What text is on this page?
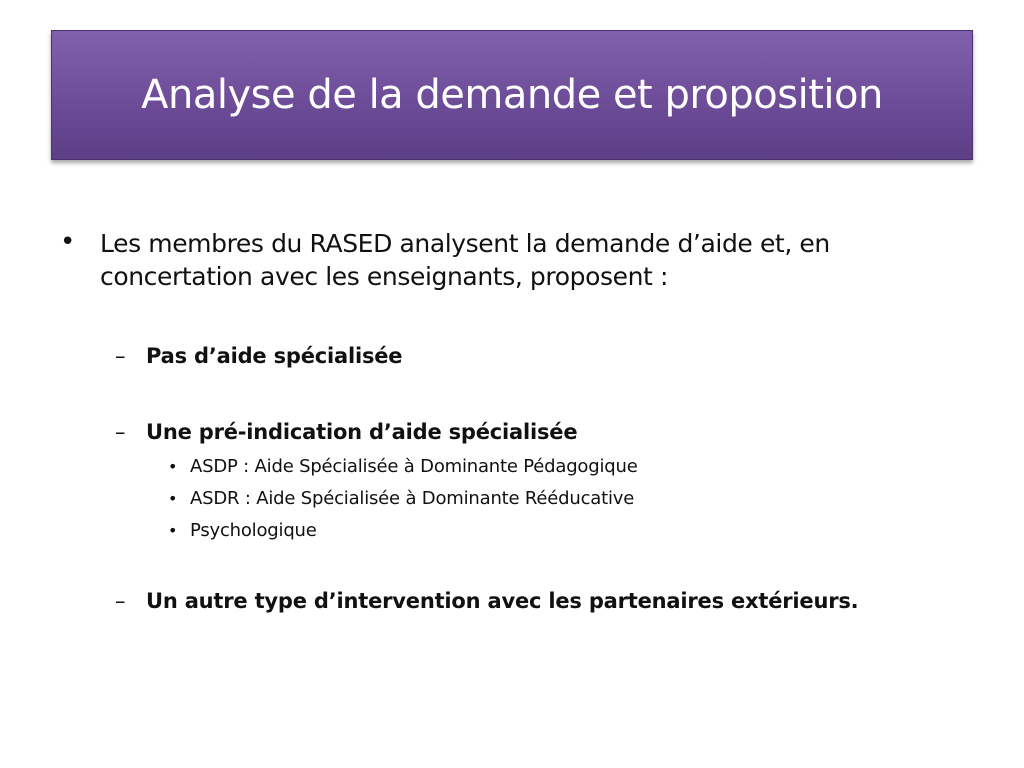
Analyse de la demande et proposition
• Les membres du RASED analysent la demande d’aide et, en concertation avec les enseignants, proposent :
– Pas d’aide spécialisée
– Une pré-indication d’aide spécialisée
• ASDP : Aide Spécialisée à Dominante Pédagogique
• ASDR : Aide Spécialisée à Dominante Rééducative
• Psychologique
– Un autre type d’intervention avec les partenaires extérieurs.
